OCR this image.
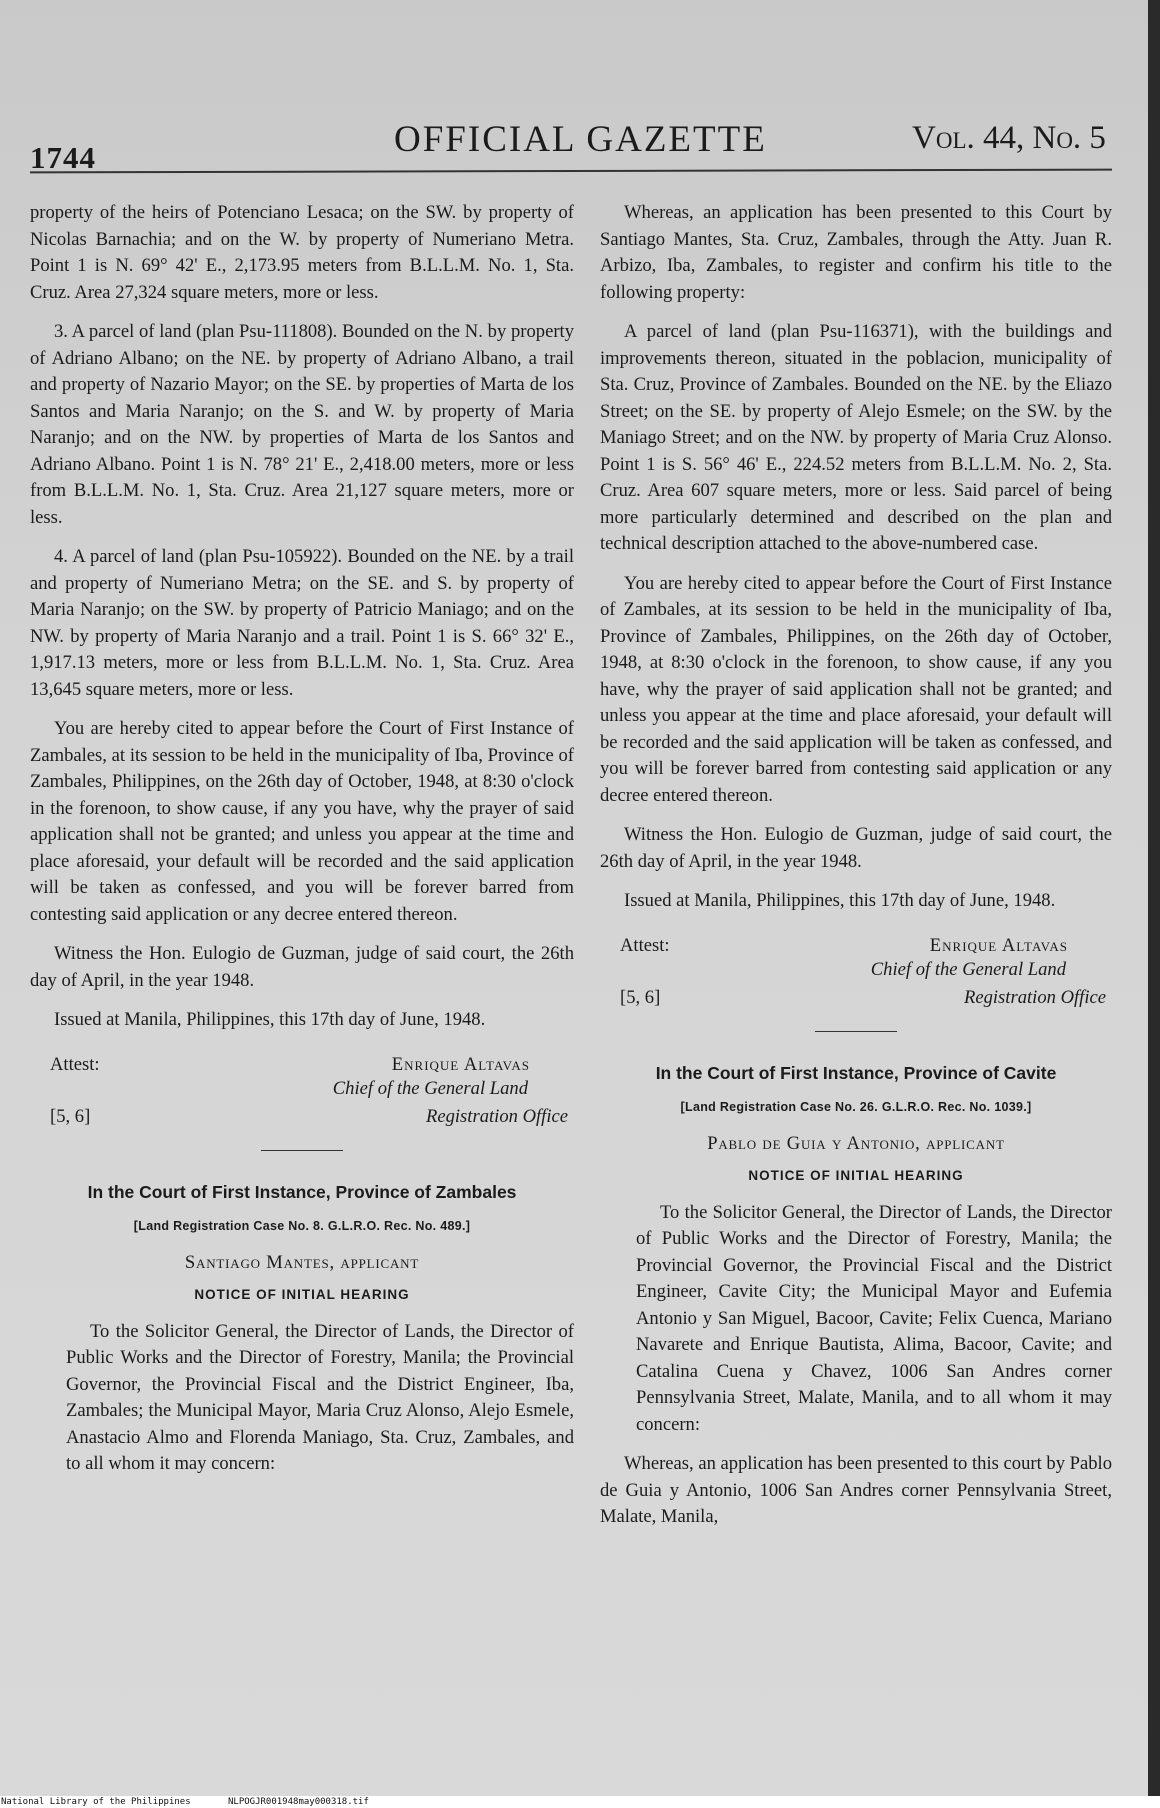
1744	OFFICIAL GAZETTE	Vol. 44, No. 5

property of the heirs of Potenciano Lesaca; on the SW. by property of Nicolas Barnachia; and on the W. by property of Numeriano Metra. Point 1 is N. 69° 42' E., 2,173.95 meters from B.L.L.M. No. 1, Sta. Cruz. Area 27,324 square meters, more or less.

3. A parcel of land (plan Psu-111808). Bounded on the N. by property of Adriano Albano; on the NE. by property of Adriano Albano, a trail and property of Nazario Mayor; on the SE. by properties of Marta de los Santos and Maria Naranjo; on the S. and W. by property of Maria Naranjo; and on the NW. by properties of Marta de los Santos and Adriano Albano. Point 1 is N. 78° 21' E., 2,418.00 meters, more or less from B.L.L.M. No. 1, Sta. Cruz. Area 21,127 square meters, more or less.

4. A parcel of land (plan Psu-105922). Bounded on the NE. by a trail and property of Numeriano Metra; on the SE. and S. by property of Maria Naranjo; on the SW. by property of Patricio Maniago; and on the NW. by property of Maria Naranjo and a trail. Point 1 is S. 66° 32' E., 1,917.13 meters, more or less from B.L.L.M. No. 1, Sta. Cruz. Area 13,645 square meters, more or less.

You are hereby cited to appear before the Court of First Instance of Zambales, at its session to be held in the municipality of Iba, Province of Zambales, Philippines, on the 26th day of October, 1948, at 8:30 o'clock in the forenoon, to show cause, if any you have, why the prayer of said application shall not be granted; and unless you appear at the time and place aforesaid, your default will be recorded and the said application will be taken as confessed, and you will be forever barred from contesting said application or any decree entered thereon.

Witness the Hon. Eulogio de Guzman, judge of said court, the 26th day of April, in the year 1948.

Issued at Manila, Philippines, this 17th day of June, 1948.

Attest:	Enrique Altavas
Chief of the General Land
[5, 6]	Registration Office
In the Court of First Instance, Province of Zambales
[Land Registration Case No. 8. G.L.R.O. Rec. No. 489.]
Santiago Mantes, applicant
NOTICE OF INITIAL HEARING

To the Solicitor General, the Director of Lands, the Director of Public Works and the Director of Forestry, Manila; the Provincial Governor, the Provincial Fiscal and the District Engineer, Iba, Zambales; the Municipal Mayor, Maria Cruz Alonso, Alejo Esmele, Anastacio Almo and Florenda Maniago, Sta. Cruz, Zambales, and to all whom it may concern:

Whereas, an application has been presented to this Court by Santiago Mantes, Sta. Cruz, Zambales, through the Atty. Juan R. Arbizo, Iba, Zambales, to register and confirm his title to the following property:

A parcel of land (plan Psu-116371), with the buildings and improvements thereon, situated in the poblacion, municipality of Sta. Cruz, Province of Zambales. Bounded on the NE. by the Eliazo Street; on the SE. by property of Alejo Esmele; on the SW. by the Maniago Street; and on the NW. by property of Maria Cruz Alonso. Point 1 is S. 56° 46' E., 224.52 meters from B.L.L.M. No. 2, Sta. Cruz. Area 607 square meters, more or less. Said parcel of being more particularly determined and described on the plan and technical description attached to the above-numbered case.

You are hereby cited to appear before the Court of First Instance of Zambales, at its session to be held in the municipality of Iba, Province of Zambales, Philippines, on the 26th day of October, 1948, at 8:30 o'clock in the forenoon, to show cause, if any you have, why the prayer of said application shall not be granted; and unless you appear at the time and place aforesaid, your default will be recorded and the said application will be taken as confessed, and you will be forever barred from contesting said application or any decree entered thereon.

Witness the Hon. Eulogio de Guzman, judge of said court, the 26th day of April, in the year 1948.

Issued at Manila, Philippines, this 17th day of June, 1948.

Attest:	Enrique Altavas
Chief of the General Land
[5, 6]	Registration Office
In the Court of First Instance, Province of Cavite
[Land Registration Case No. 26. G.L.R.O. Rec. No. 1039.]
Pablo de Guia y Antonio, applicant
NOTICE OF INITIAL HEARING

To the Solicitor General, the Director of Lands, the Director of Public Works and the Director of Forestry, Manila; the Provincial Governor, the Provincial Fiscal and the District Engineer, Cavite City; the Municipal Mayor and Eufemia Antonio y San Miguel, Bacoor, Cavite; Felix Cuenca, Mariano Navarete and Enrique Bautista, Alima, Bacoor, Cavite; and Catalina Cuena y Chavez, 1006 San Andres corner Pennsylvania Street, Malate, Manila, and to all whom it may concern:

Whereas, an application has been presented to this court by Pablo de Guia y Antonio, 1006 San Andres corner Pennsylvania Street, Malate, Manila,

National Library of the Philippines	NLPOGJR001948may000318.tif
